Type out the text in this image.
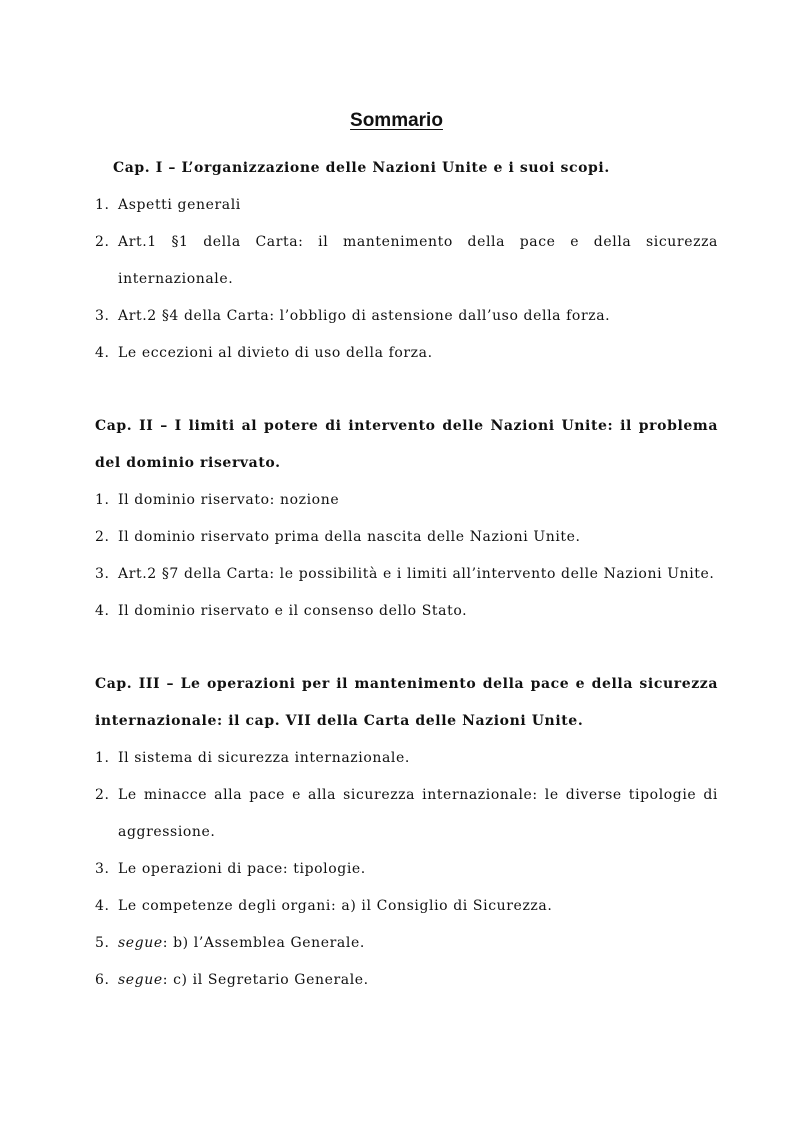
Sommario

Cap. I – L’organizzazione delle Nazioni Unite e i suoi scopi.

1. Aspetti generali
2. Art.1 §1 della Carta: il mantenimento della pace e della sicurezza internazionale.
3. Art.2 §4 della Carta: l’obbligo di astensione dall’uso della forza.
4. Le eccezioni al divieto di uso della forza.

Cap. II – I limiti al potere di intervento delle Nazioni Unite: il problema del dominio riservato.

1. Il dominio riservato: nozione
2. Il dominio riservato prima della nascita delle Nazioni Unite.
3. Art.2 §7 della Carta: le possibilità e i limiti all’intervento delle Nazioni Unite.
4. Il dominio riservato e il consenso dello Stato.

Cap. III – Le operazioni per il mantenimento della pace e della sicurezza internazionale: il cap. VII della Carta delle Nazioni Unite.

1. Il sistema di sicurezza internazionale.
2. Le minacce alla pace e alla sicurezza internazionale: le diverse tipologie di aggressione.
3. Le operazioni di pace: tipologie.
4. Le competenze degli organi: a) il Consiglio di Sicurezza.
5. segue: b) l’Assemblea Generale.
6. segue: c) il Segretario Generale.
